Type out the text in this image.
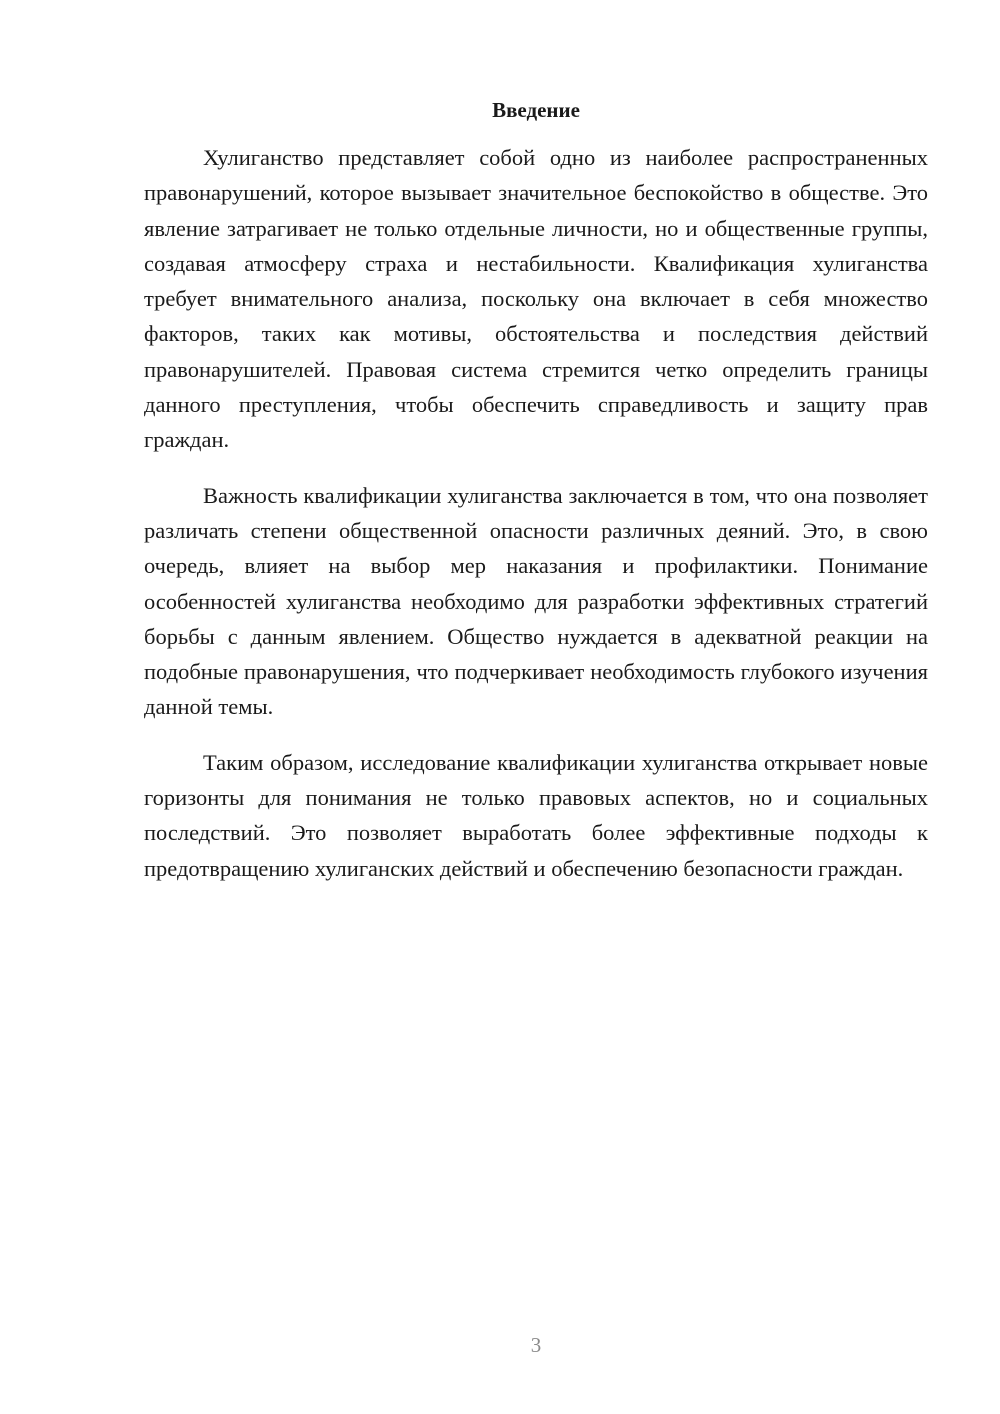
Введение

Хулиганство представляет собой одно из наиболее распространенных правонарушений, которое вызывает значительное беспокойство в обществе. Это явление затрагивает не только отдельные личности, но и общественные группы, создавая атмосферу страха и нестабильности. Квалификация хулиганства требует внимательного анализа, поскольку она включает в себя множество факторов, таких как мотивы, обстоятельства и последствия действий правонарушителей. Правовая система стремится четко определить границы данного преступления, чтобы обеспечить справедливость и защиту прав граждан.

Важность квалификации хулиганства заключается в том, что она позволяет различать степени общественной опасности различных деяний. Это, в свою очередь, влияет на выбор мер наказания и профилактики. Понимание особенностей хулиганства необходимо для разработки эффективных стратегий борьбы с данным явлением. Общество нуждается в адекватной реакции на подобные правонарушения, что подчеркивает необходимость глубокого изучения данной темы.

Таким образом, исследование квалификации хулиганства открывает новые горизонты для понимания не только правовых аспектов, но и социальных последствий. Это позволяет выработать более эффективные подходы к предотвращению хулиганских действий и обеспечению безопасности граждан.

3
